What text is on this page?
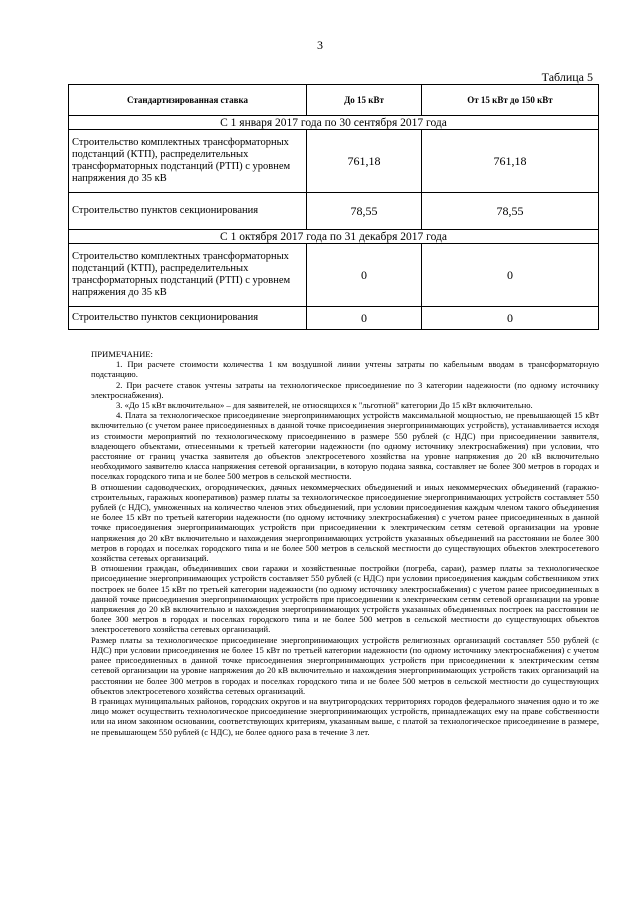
3
Таблица 5
Стандартизированная ставка	До 15 кВт	От 15 кВт до 150 кВт
С 1 января 2017 года по 30 сентября 2017 года		
Строительство комплектных трансформаторных подстанций (КТП), распределительных трансформаторных подстанций (РТП) с уровнем напряжения до 35 кВ	761,18	761,18
Строительство пунктов секционирования	78,55	78,55
С 1 октября 2017 года по 31 декабря 2017 года		
Строительство комплектных трансформаторных подстанций (КТП), распределительных трансформаторных подстанций (РТП) с уровнем напряжения до 35 кВ	0	0
Строительство пунктов секционирования	0	0

ПРИМЕЧАНИЕ:

1. При расчете стоимости количества 1 км воздушной линии учтены затраты по кабельным вводам в трансформаторную подстанцию.

2. При расчете ставок учтены затраты на технологическое присоединение по 3 категории надежности (по одному источнику электроснабжения).

3. «До 15 кВт включительно» – для заявителей, не относящихся к "льготной" категории До 15 кВт включительно.

4. Плата за технологическое присоединение энергопринимающих устройств максимальной мощностью, не превышающей 15 кВт включительно (с учетом ранее присоединенных в данной точке присоединения энергопринимающих устройств), устанавливается исходя из стоимости мероприятий по технологическому присоединению в размере 550 рублей (с НДС) при присоединении заявителя, владеющего объектами, отнесенными к третьей категории надежности (по одному источнику электроснабжения) при условии, что расстояние от границ участка заявителя до объектов электросетевого хозяйства на уровне напряжения до 20 кВ включительно необходимого заявителю класса напряжения сетевой организации, в которую подана заявка, составляет не более 300 метров в городах и поселках городского типа и не более 500 метров в сельской местности.

В отношении садоводческих, огороднических, дачных некоммерческих объединений и иных некоммерческих объединений (гаражно-строительных, гаражных кооперативов) размер платы за технологическое присоединение энергопринимающих устройств составляет 550 рублей (с НДС), умноженных на количество членов этих объединений, при условии присоединения каждым членом такого объединения не более 15 кВт по третьей категории надежности (по одному источнику электроснабжения) с учетом ранее присоединенных в данной точке присоединения энергопринимающих устройств при присоединении к электрическим сетям сетевой организации на уровне напряжения до 20 кВт включительно и нахождения энергопринимающих устройств указанных объединений на расстоянии не более 300 метров в городах и поселках городского типа и не более 500 метров в сельской местности до существующих объектов электросетевого хозяйства сетевых организаций.

В отношении граждан, объединивших свои гаражи и хозяйственные постройки (погреба, сараи), размер платы за технологическое присоединение энергопринимающих устройств составляет 550 рублей (с НДС) при условии присоединения каждым собственником этих построек не более 15 кВт по третьей категории надежности (по одному источнику электроснабжения) с учетом ранее присоединенных в данной точке присоединения энергопринимающих устройств при присоединении к электрическим сетям сетевой организации на уровне напряжения до 20 кВ включительно и нахождения энергопринимающих устройств указанных объединенных построек на расстоянии не более 300 метров в городах и поселках городского типа и не более 500 метров в сельской местности до существующих объектов электросетевого хозяйства сетевых организаций.

Размер платы за технологическое присоединение энергопринимающих устройств религиозных организаций составляет 550 рублей (с НДС) при условии присоединения не более 15 кВт по третьей категории надежности (по одному источнику электроснабжения) с учетом ранее присоединенных в данной точке присоединения энергопринимающих устройств при присоединении к электрическим сетям сетевой организации на уровне напряжения до 20 кВ включительно и нахождения энергопринимающих устройств таких организаций на расстоянии не более 300 метров в городах и поселках городского типа и не более 500 метров в сельской местности до существующих объектов электросетевого хозяйства сетевых организаций.

В границах муниципальных районов, городских округов и на внутригородских территориях городов федерального значения одно и то же лицо может осуществить технологическое присоединение энергопринимающих устройств, принадлежащих ему на праве собственности или на ином законном основании, соответствующих критериям, указанным выше, с платой за технологическое присоединение в размере, не превышающем 550 рублей (с НДС), не более одного раза в течение 3 лет.
